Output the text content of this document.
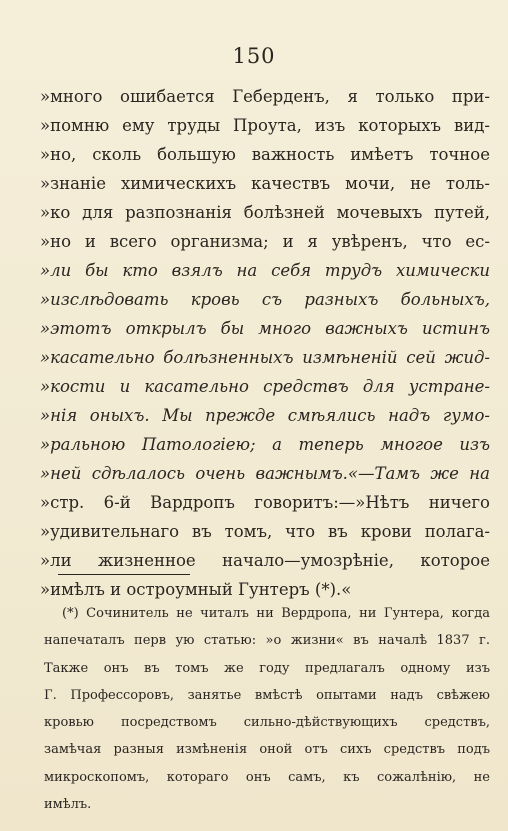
150
»много ошибается Геберденъ, я только при-
»помню ему труды Проута, изъ которыхъ вид-
»но, сколь большую важность имѣетъ точное
»знаніе химическихъ качествъ мочи, не толь-
»ко для разпознанія болѣзней мочевыхъ путей,
»но и всего организма; и я увѣренъ, что ес-
»ли бы кто взялъ на себя трудъ химически
»изслѣдовать кровь съ разныхъ больныхъ,
»этотъ открылъ бы много важныхъ истинъ
»касательно болѣзненныхъ измѣненій сей жид-
»кости и касательно средствъ для устране-
»нія оныхъ. Мы прежде смѣялись надъ гумо-
»ральною Патологіею; а теперь многое изъ
»ней сдѣлалось очень важнымъ.«—Тамъ же на
»стр. 6-й Вардропъ говоритъ:—»Нѣтъ ничего
»удивительнаго въ томъ, что въ крови полага-
»ли жизненное начало—умозрѣніе, которое
»имѣлъ и остроумный Гунтеръ (*).«
(*) Сочинитель не читалъ ни Вердропа, ни Гунтера, когда
напечаталъ перв ую статью: »о жизни« въ началѣ 1837 г.
Также онъ въ томъ же году предлагалъ одному изъ
Г. Профессоровъ, занятье вмѣстѣ опытами надъ свѣжею
кровью посредствомъ сильно-дѣйствующихъ средствъ,
замѣчая разныя измѣненія оной отъ сихъ средствъ подъ
микроскопомъ, котораго онъ самъ, къ сожалѣнію, не
имѣлъ.
